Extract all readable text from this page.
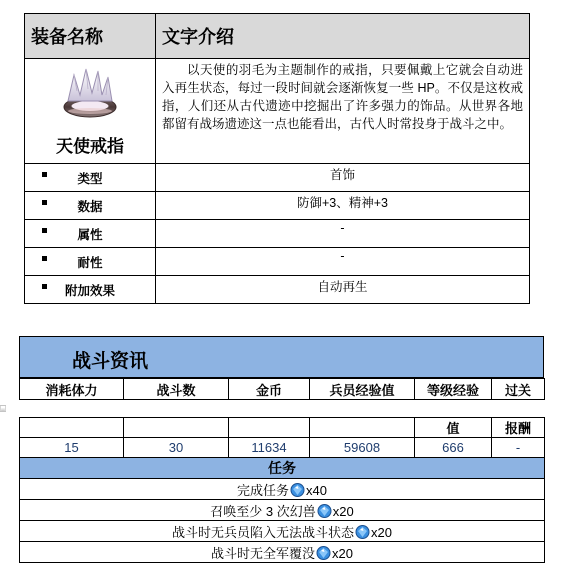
装备名称	文字介绍

天使戒指	以天使的羽毛为主题制作的戒指，只要佩戴上它就会自动进入再生状态，每过一段时间就会逐渐恢复一些 HP。不仅是这枚戒指，人们还从古代遗迹中挖掘出了许多强力的饰品。从世界各地都留有战场遗迹这一点也能看出，古代人时常投身于战斗之中。

类型	首饰

数据	防御+3、精神+3

属性	-

耐性	-

附加效果	自动再生
战斗资讯
消耗体力	战斗数	金币	兵员经验值	等级经验	过关
⌸
				值	报酬
15	30	11634	59608	666	-
任务					
完成任务 x40					
召唤至少 3 次幻兽 x20					
战斗时无兵员陷入无法战斗状态 x20					
战斗时无全军覆没 x20					
